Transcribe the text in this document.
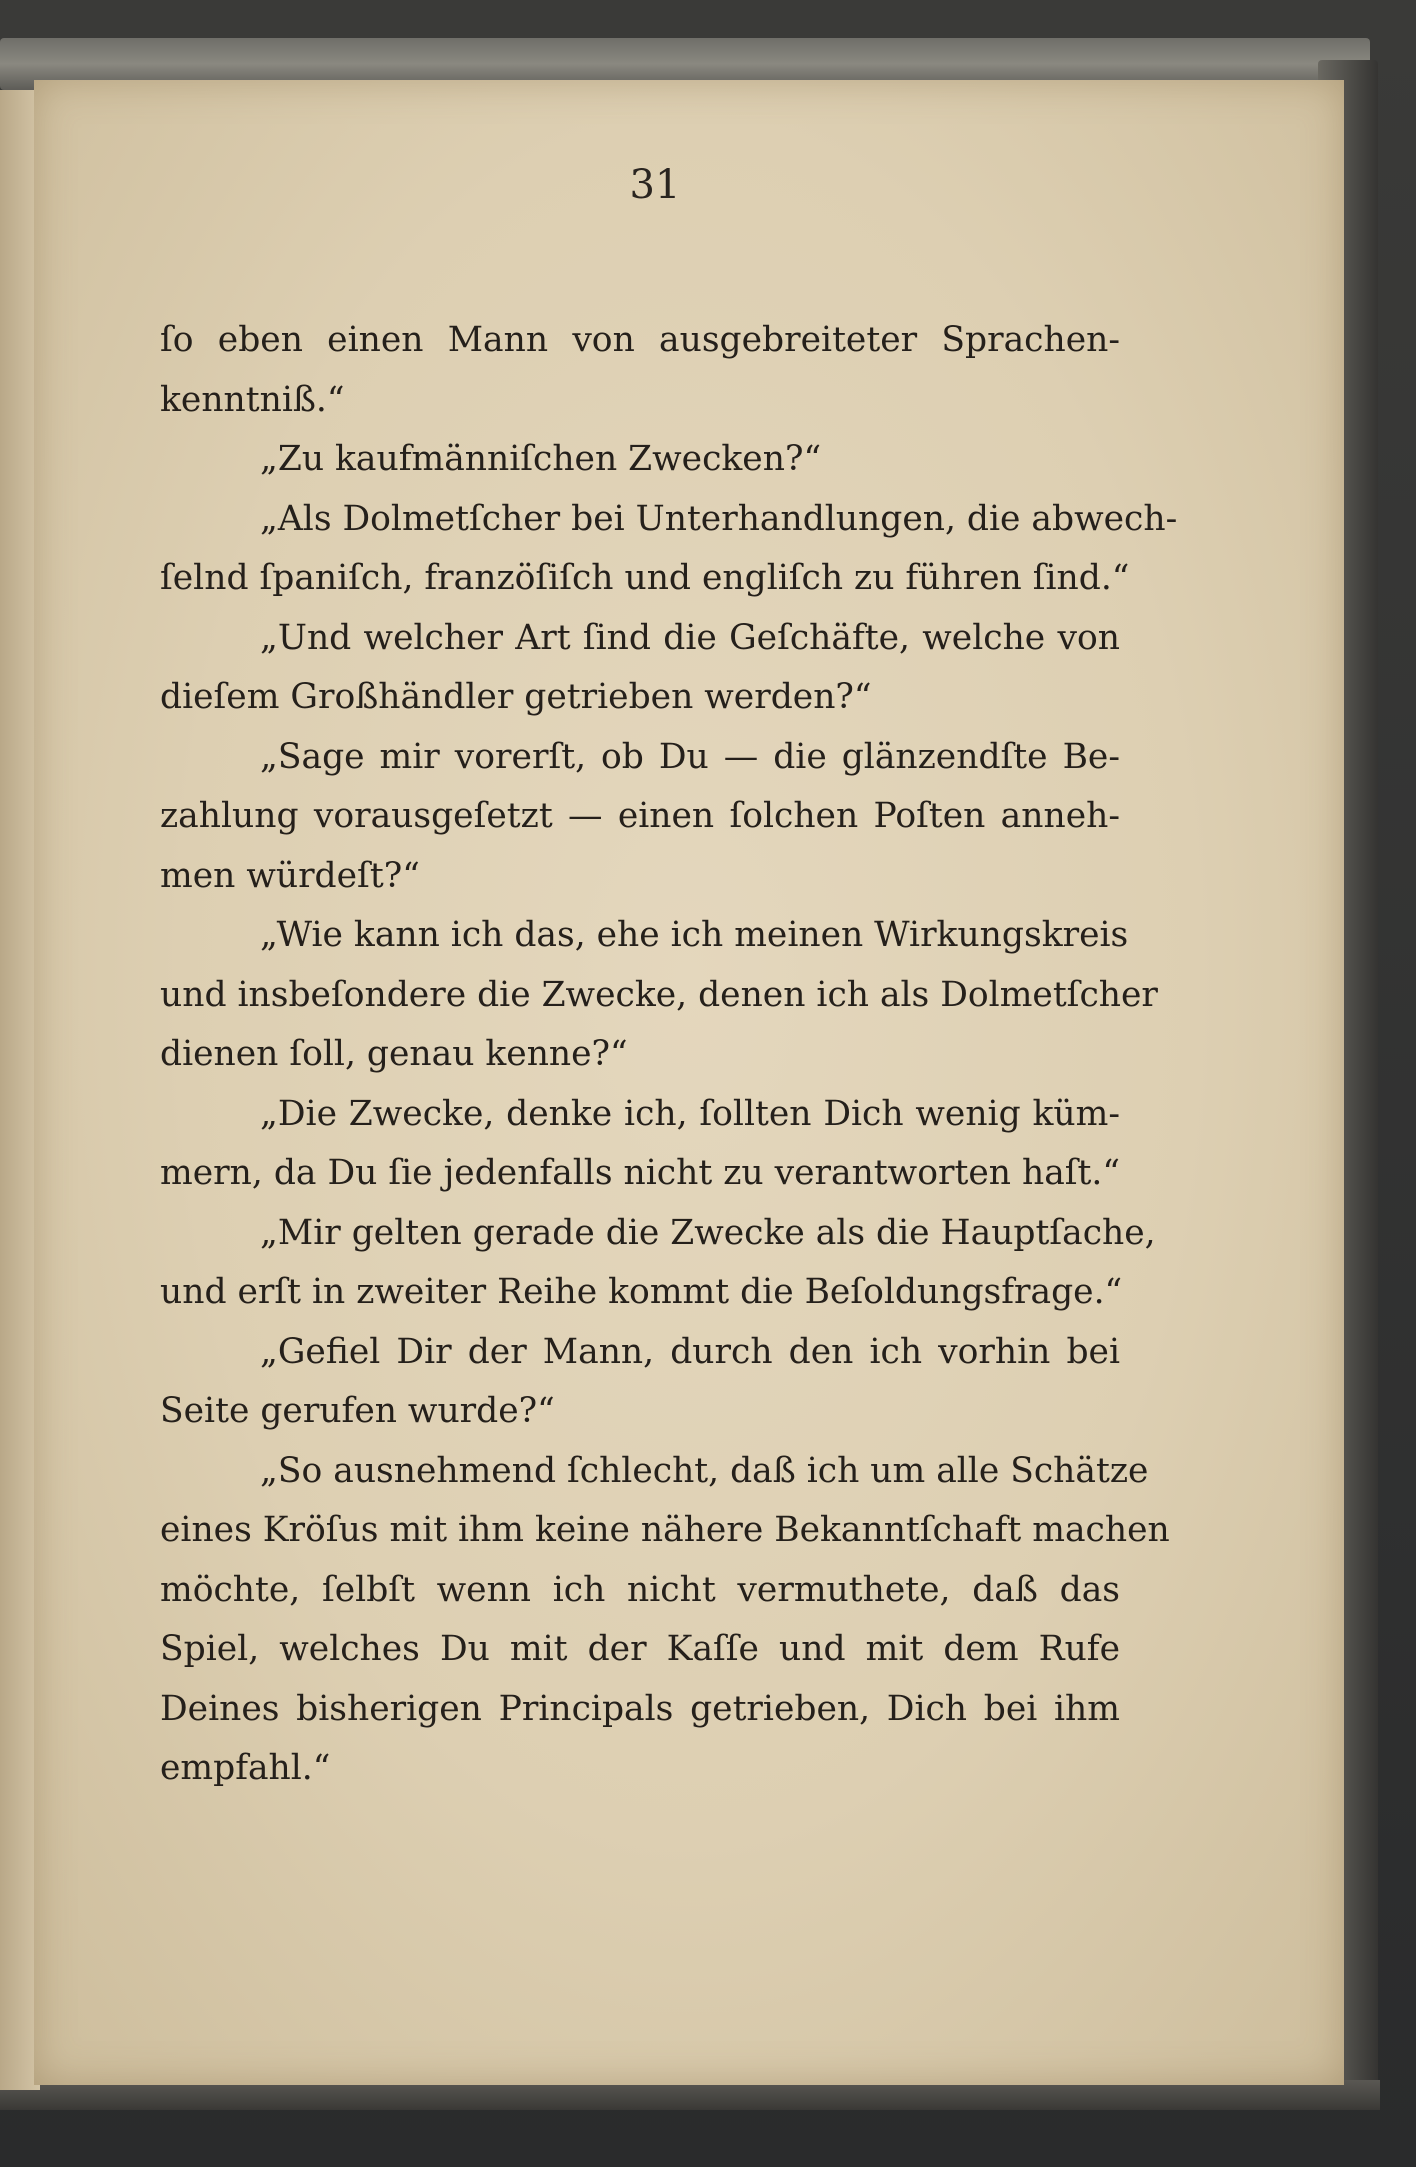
31
ſo eben einen Mann von ausgebreiteter Sprachen-
kenntniß.“
„Zu kaufmänniſchen Zwecken?“
„Als Dolmetſcher bei Unterhandlungen, die abwech-
ſelnd ſpaniſch, franzöſiſch und engliſch zu führen ſind.“
„Und welcher Art ſind die Geſchäfte, welche von
dieſem Großhändler getrieben werden?“
„Sage mir vorerſt, ob Du — die glänzendſte Be-
zahlung vorausgeſetzt — einen ſolchen Poſten anneh-
men würdeſt?“
„Wie kann ich das, ehe ich meinen Wirkungskreis
und insbeſondere die Zwecke, denen ich als Dolmetſcher
dienen ſoll, genau kenne?“
„Die Zwecke, denke ich, ſollten Dich wenig küm-
mern, da Du ſie jedenfalls nicht zu verantworten haſt.“
„Mir gelten gerade die Zwecke als die Hauptſache,
und erſt in zweiter Reihe kommt die Beſoldungsfrage.“
„Gefiel Dir der Mann, durch den ich vorhin bei
Seite gerufen wurde?“
„So ausnehmend ſchlecht, daß ich um alle Schätze
eines Kröſus mit ihm keine nähere Bekanntſchaft machen
möchte, ſelbſt wenn ich nicht vermuthete, daß das
Spiel, welches Du mit der Kaſſe und mit dem Rufe
Deines bisherigen Principals getrieben, Dich bei ihm
empfahl.“
